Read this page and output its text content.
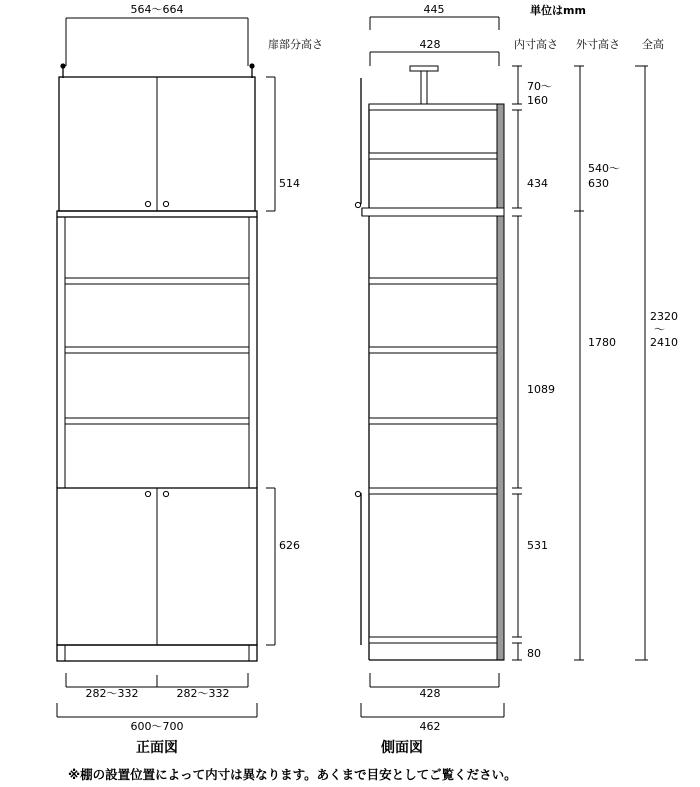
単位はmm
扉部分高さ	内寸高さ 外寸高さ 全高
564〜664
514
626
282〜332	282〜332
600〜700
正面図
445
428
70〜
160
434
1089
531
80
540〜
630
1780
2320
〜
2410
428
462
側面図
※棚の設置位置によって内寸は異なります。あくまで目安としてご覧ください。
